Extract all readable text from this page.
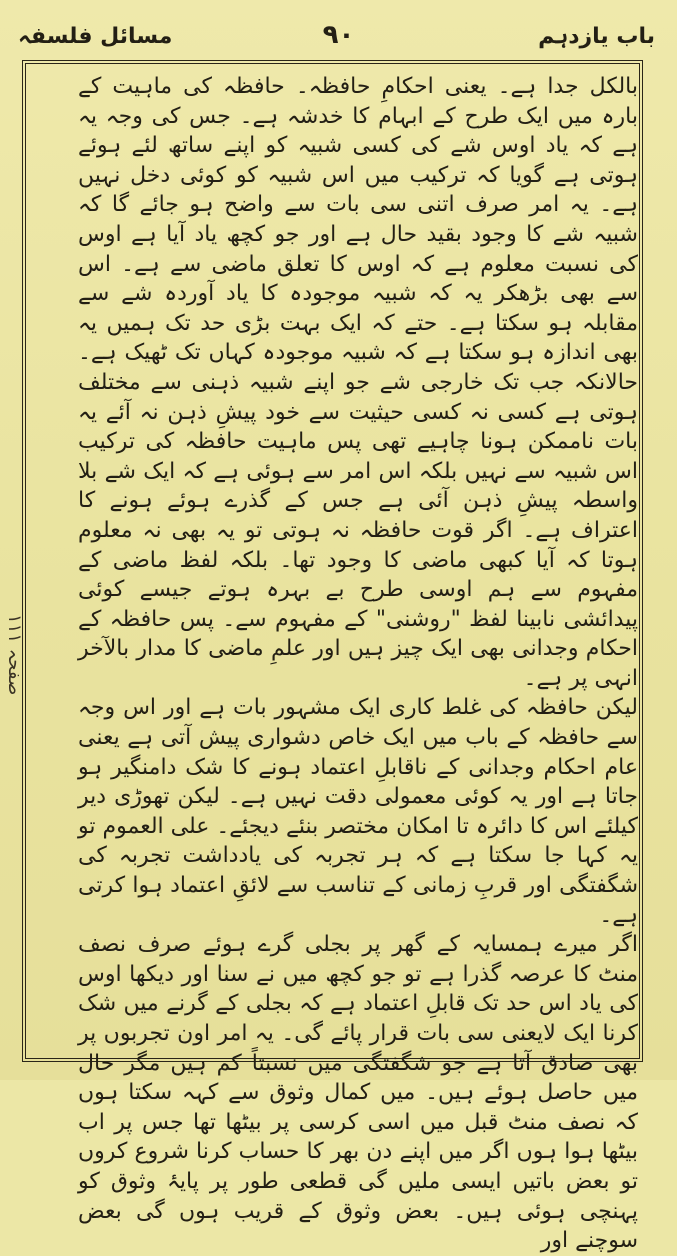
باب یازدہم
۹۰
مسائل فلسفہ
صفحہ ۱۱۱

بالکل جدا ہے۔ یعنی احکامِ حافظہ۔ حافظہ کی ماہیت کے بارہ میں ایک طرح کے ابہام کا خدشہ ہے۔ جس کی وجہ یہ ہے کہ یاد اوس شے کی کسی شبیہ کو اپنے ساتھ لئے ہوئے ہوتی ہے گویا کہ ترکیب میں اس شبیہ کو کوئی دخل نہیں ہے۔ یہ امر صرف اتنی سی بات سے واضح ہو جائے گا کہ شبیہ شے کا وجود بقید حال ہے اور جو کچھ یاد آیا ہے اوس کی نسبت معلوم ہے کہ اوس کا تعلق ماضی سے ہے۔ اس سے بھی بڑھکر یہ کہ شبیہ موجودہ کا یاد آوردہ شے سے مقابلہ ہو سکتا ہے۔ حتے کہ ایک بہت بڑی حد تک ہمیں یہ بھی اندازہ ہو سکتا ہے کہ شبیہ موجودہ کہاں تک ٹھیک ہے۔ حالانکہ جب تک خارجی شے جو اپنے شبیہ ذہنی سے مختلف ہوتی ہے کسی نہ کسی حیثیت سے خود پیشِ ذہن نہ آئے یہ بات ناممکن ہونا چاہیے تھی پس ماہیت حافظہ کی ترکیب اس شبیہ سے نہیں بلکہ اس امر سے ہوئی ہے کہ ایک شے بلا واسطہ پیشِ ذہن آئی ہے جس کے گذرے ہوئے ہونے کا اعتراف ہے۔ اگر قوت حافظہ نہ ہوتی تو یہ بھی نہ معلوم ہوتا کہ آیا کبھی ماضی کا وجود تھا۔ بلکہ لفظ ماضی کے مفہوم سے ہم اوسی طرح بے بہرہ ہوتے جیسے کوئی پیدائشی نابینا لفظ "روشنی" کے مفہوم سے۔ پس حافظہ کے احکام وجدانی بھی ایک چیز ہیں اور علمِ ماضی کا مدار بالآخر انہی پر ہے۔

لیکن حافظہ کی غلط کاری ایک مشہور بات ہے اور اس وجہ سے حافظہ کے باب میں ایک خاص دشواری پیش آتی ہے یعنی عام احکام وجدانی کے ناقابلِ اعتماد ہونے کا شک دامنگیر ہو جاتا ہے اور یہ کوئی معمولی دقت نہیں ہے۔ لیکن تھوڑی دیر کیلئے اس کا دائرہ تا امکان مختصر بنئے دیجئے۔ علی العموم تو یہ کہا جا سکتا ہے کہ ہر تجربہ کی یادداشت تجربہ کی شگفتگی اور قربِ زمانی کے تناسب سے لائقِ اعتماد ہوا کرتی ہے۔

اگر میرے ہمسایہ کے گھر پر بجلی گرے ہوئے صرف نصف منٹ کا عرصہ گذرا ہے تو جو کچھ میں نے سنا اور دیکھا اوس کی یاد اس حد تک قابلِ اعتماد ہے کہ بجلی کے گرنے میں شک کرنا ایک لایعنی سی بات قرار پائے گی۔ یہ امر اون تجربوں پر بھی صادق آتا ہے جو شگفتگی میں نسبتاً کم ہیں مگر حال میں حاصل ہوئے ہیں۔ میں کمال وثوق سے کہہ سکتا ہوں کہ نصف منٹ قبل میں اسی کرسی پر بیٹھا تھا جس پر اب بیٹھا ہوا ہوں اگر میں اپنے دن بھر کا حساب کرنا شروع کروں تو بعض باتیں ایسی ملیں گی قطعی طور پر پایۂ وثوق کو پہنچی ہوئی ہیں۔ بعض وثوق کے قریب ہوں گی بعض سوچنے اور
